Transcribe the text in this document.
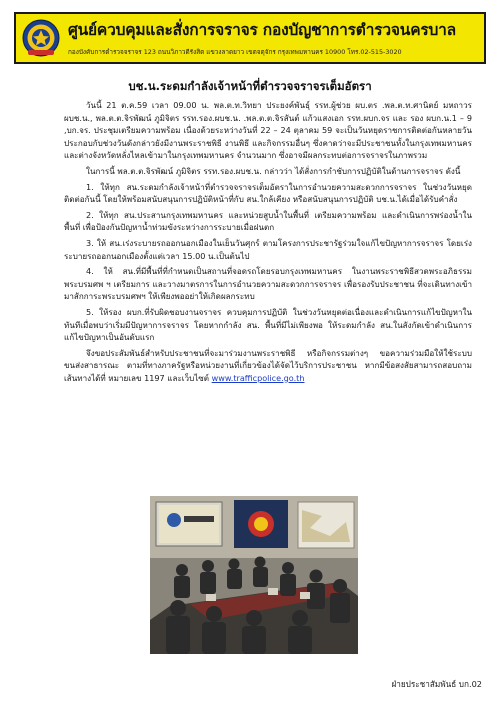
ศูนย์ควบคุมและสั่งการจราจร กองบัญชาการตำรวจนครบาล
กองบังคับการตำรวจจราจร 123 ถนนวิภาวดีรังสิต แขวงลาดยาว เขตจตุจักร กรุงเทพมหานคร 10900 โทร.02-515-3020
บช.น.ระดมกำลังเจ้าหน้าที่ตำรวจจราจรเต็มอัตรา

วันนี้ 21 ต.ค.59 เวลา 09.00 น. พล.ต.ท.วิทยา ประยงค์พันธุ์ รรท.ผู้ช่วย ผบ.ตร .พล.ต.ท.ศานิตย์ มหถาวร ผบช.น., พล.ต.ต.จิรพัฒน์ ภูมิจิตร รรท.รอง.ผบช.น. .พล.ต.ต.จิรสันต์ แก้วแสงเอก รรท.ผบก.จร และ รอง ผบก.น.1 – 9 ,บก.จร. ประชุมเตรียมความพร้อม เนื่องด้วยระหว่างวันที่ 22 – 24 ตุลาคม 59 จะเป็นวันหยุดราชการติดต่อกันหลายวัน ประกอบกับช่วงวันดังกล่าวยังมีงานพระราชพิธี งานพิธี และกิจกรรมอื่นๆ ซึ่งคาดว่าจะมีประชาชนทั้งในกรุงเทพมหานคร และต่างจังหวัดหลั่งไหลเข้ามาในกรุงเทพมหานคร จำนวนมาก ซึ่งอาจมีผลกระทบต่อการจราจรในภาพรวม

ในการนี้ พล.ต.ต.จิรพัฒน์ ภูมิจิตร รรท.รอง.ผบช.น. กล่าวว่า ได้สั่งการกำชับการปฏิบัติในด้านการจราจร ดังนี้

1. ให้ทุก สน.ระดมกำลังเจ้าหน้าที่ตำรวจจราจรเต็มอัตราในการอำนวยความสะดวกการจราจร ในช่วงวันหยุดติดต่อกันนี้ โดยให้พร้อมสนับสนุนการปฏิบัติหน้าที่กับ สน.ใกล้เคียง หรือสนับสนุนการปฏิบัติ บช.น.ได้เมื่อได้รับคำสั่ง

2. ให้ทุก สน.ประสานกรุงเทพมหานคร และหน่วยสูบน้ำในพื้นที่ เตรียมความพร้อม และดำเนินการพร่องน้ำในพื้นที่ เพื่อป้องกันปัญหาน้ำท่วมขังระหว่างการระบายเมื่อฝนตก

3. ให้ สน.เร่งระบายรถออกนอกเมืองในเย็นวันศุกร์ ตามโครงการประชารัฐร่วมใจแก้ไขปัญหาการจราจร โดยเร่งระบายรถออกนอกเมืองตั้งแต่เวลา 15.00 น.เป็นต้นไป

4. ให้ สน.ที่มีพื้นที่ที่กำหนดเป็นสถานที่จอดรถโดยรอบกรุงเทพมหานคร ในงานพระราชพิธีสวดพระอภิธรรมพระบรมศพ ฯ เตรียมการ และวางมาตรการในการอำนวยความสะดวกการจราจร เพื่อรองรับประชาชน ที่จะเดินทางเข้ามาสักการะพระบรมศพฯ ให้เพียงพออย่าให้เกิดผลกระทบ

5. ให้รอง ผบก.ที่รับผิดชอบงานจราจร ควบคุมการปฏิบัติ ในช่วงวันหยุดต่อเนื่องและดำเนินการแก้ไขปัญหาในทันทีเมื่อพบว่าเริ่มมีปัญหาการจราจร โดยหากกำลัง สน. พื้นที่มีไม่เพียงพอ ให้ระดมกำลัง สน.ในสังกัดเข้าดำเนินการแก้ไขปัญหาเป็นอันดับแรก

จึงขอประสัมพันธ์สำหรับประชาชนที่จะมาร่วมงานพระราชพิธี หรือกิจกรรมต่างๆ ขอความร่วมมือให้ใช้ระบบขนส่งสาธารณะ ตามที่ทางภาครัฐหรือหน่วยงานที่เกี่ยวข้องได้จัดไว้บริการประชาชน หากมีข้อสงสัยสามารถสอบถามเส้นทางได้ที่ หมายเลข 1197 และเว็บไซต์ www.trafficpolice.go.th

ฝ่ายประชาสัมพันธ์ บก.02
